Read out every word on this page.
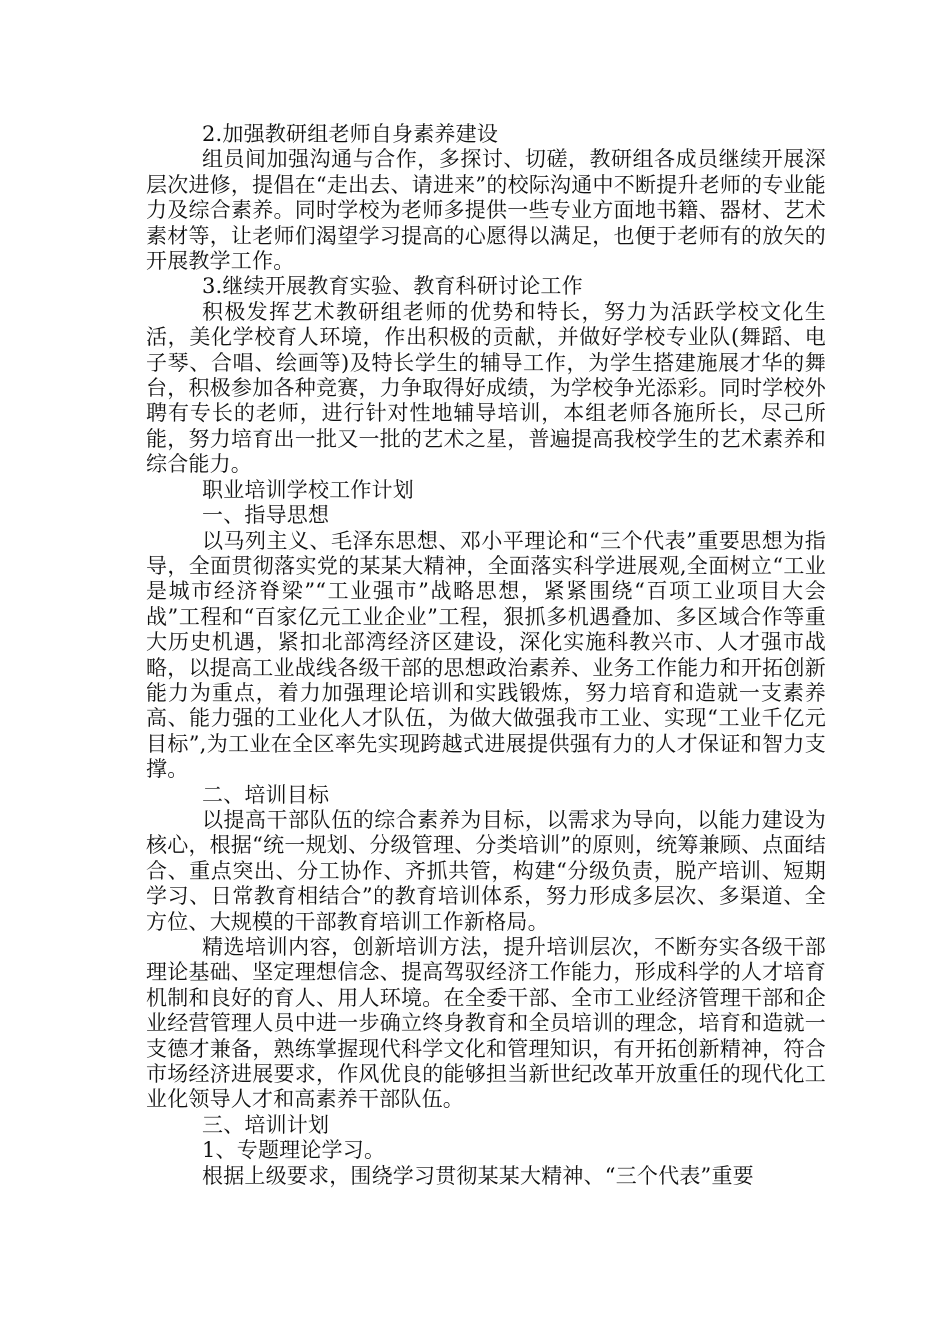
2.加强教研组老师自身素养建设

组员间加强沟通与合作，多探讨、切磋，教研组各成员继续开展深层次进修，提倡在“走出去、请进来”的校际沟通中不断提升老师的专业能力及综合素养。同时学校为老师多提供一些专业方面地书籍、器材、艺术素材等，让老师们渴望学习提高的心愿得以满足，也便于老师有的放矢的开展教学工作。

3.继续开展教育实验、教育科研讨论工作

积极发挥艺术教研组老师的优势和特长，努力为活跃学校文化生活，美化学校育人环境，作出积极的贡献，并做好学校专业队(舞蹈、电子琴、合唱、绘画等)及特长学生的辅导工作，为学生搭建施展才华的舞台，积极参加各种竞赛，力争取得好成绩，为学校争光添彩。同时学校外聘有专长的老师，进行针对性地辅导培训，本组老师各施所长，尽己所能，努力培育出一批又一批的艺术之星，普遍提高我校学生的艺术素养和综合能力。

职业培训学校工作计划

一、指导思想

以马列主义、毛泽东思想、邓小平理论和“三个代表”重要思想为指导，全面贯彻落实党的某某大精神，全面落实科学进展观,全面树立“工业是城市经济脊梁”“工业强市”战略思想，紧紧围绕“百项工业项目大会战”工程和“百家亿元工业企业”工程，狠抓多机遇叠加、多区域合作等重大历史机遇，紧扣北部湾经济区建设，深化实施科教兴市、人才强市战略，以提高工业战线各级干部的思想政治素养、业务工作能力和开拓创新能力为重点，着力加强理论培训和实践锻炼，努力培育和造就一支素养高、能力强的工业化人才队伍，为做大做强我市工业、实现“工业千亿元目标”,为工业在全区率先实现跨越式进展提供强有力的人才保证和智力支撑。

二、培训目标

以提高干部队伍的综合素养为目标，以需求为导向，以能力建设为核心，根据“统一规划、分级管理、分类培训”的原则，统筹兼顾、点面结合、重点突出、分工协作、齐抓共管，构建“分级负责，脱产培训、短期学习、日常教育相结合”的教育培训体系，努力形成多层次、多渠道、全方位、大规模的干部教育培训工作新格局。

精选培训内容，创新培训方法，提升培训层次，不断夯实各级干部理论基础、坚定理想信念、提高驾驭经济工作能力，形成科学的人才培育机制和良好的育人、用人环境。在全委干部、全市工业经济管理干部和企业经营管理人员中进一步确立终身教育和全员培训的理念，培育和造就一支德才兼备，熟练掌握现代科学文化和管理知识，有开拓创新精神，符合市场经济进展要求，作风优良的能够担当新世纪改革开放重任的现代化工业化领导人才和高素养干部队伍。

三、培训计划

1、专题理论学习。

根据上级要求，围绕学习贯彻某某大精神、“三个代表”重要
